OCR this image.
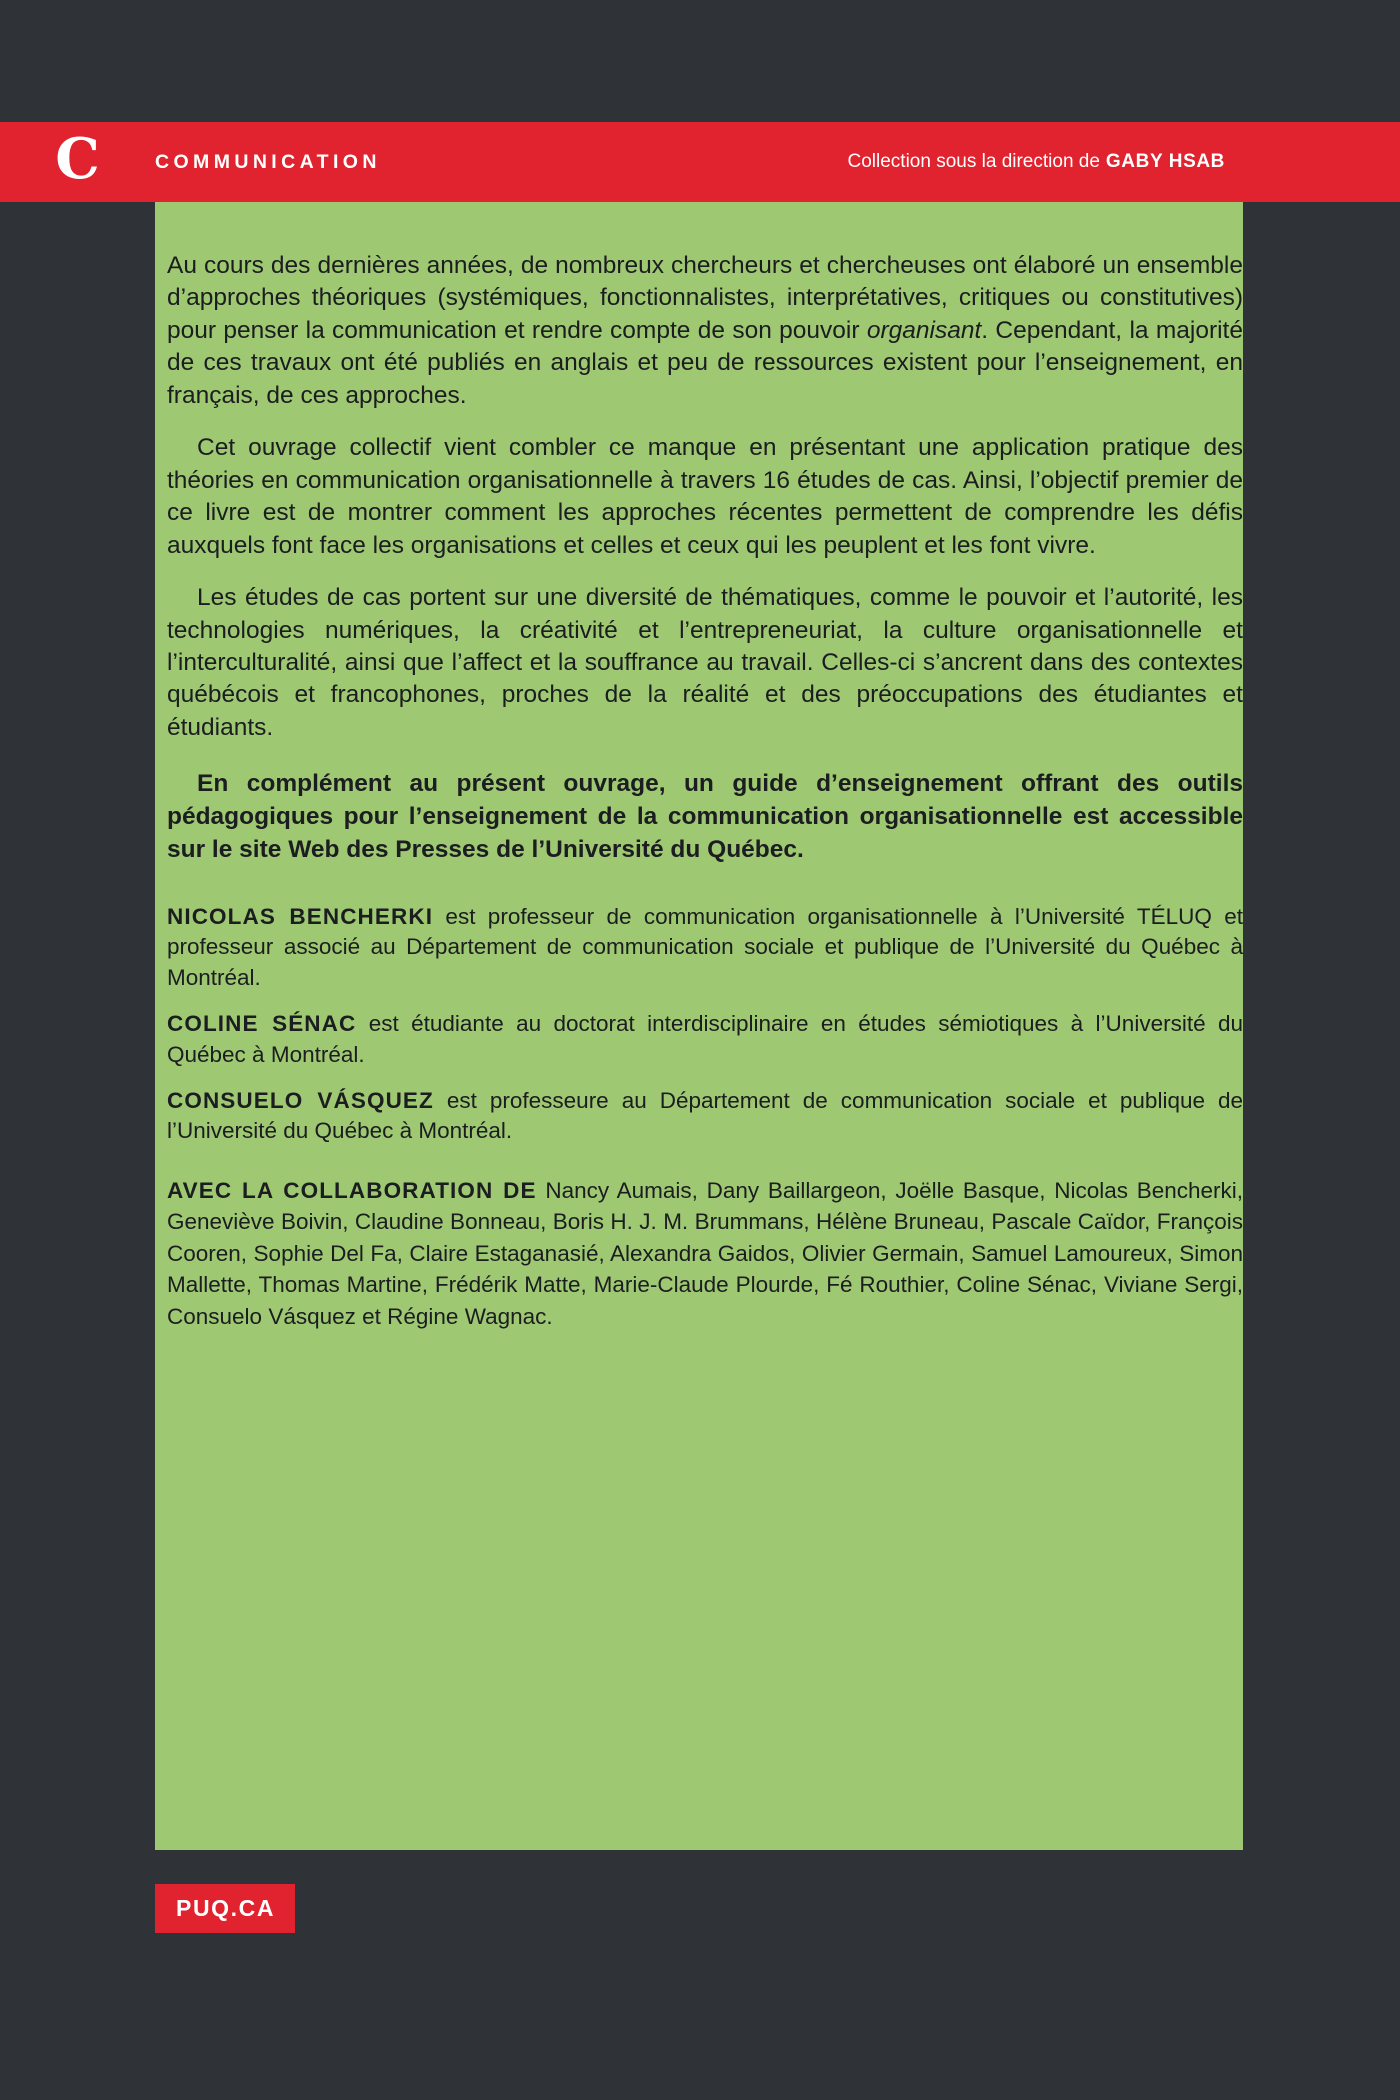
C	COMMUNICATION	Collection sous la direction de GABY HSAB

Au cours des dernières années, de nombreux chercheurs et chercheuses ont élaboré un ensemble d’approches théoriques (systémiques, fonctionnalistes, interprétatives, critiques ou constitutives) pour penser la communication et rendre compte de son pouvoir organisant. Cependant, la majorité de ces travaux ont été publiés en anglais et peu de ressources existent pour l’enseignement, en français, de ces approches.

Cet ouvrage collectif vient combler ce manque en présentant une application pratique des théories en communication organisationnelle à travers 16 études de cas. Ainsi, l’objectif premier de ce livre est de montrer comment les approches récentes permettent de comprendre les défis auxquels font face les organisations et celles et ceux qui les peuplent et les font vivre.

Les études de cas portent sur une diversité de thématiques, comme le pouvoir et l’autorité, les technologies numériques, la créativité et l’entrepreneuriat, la culture organisationnelle et l’interculturalité, ainsi que l’affect et la souffrance au travail. Celles-ci s’ancrent dans des contextes québécois et francophones, proches de la réalité et des préoccupations des étudiantes et étudiants.

En complément au présent ouvrage, un guide d’enseignement offrant des outils pédagogiques pour l’enseignement de la communication organisationnelle est accessible sur le site Web des Presses de l’Université du Québec.

NICOLAS BENCHERKI est professeur de communication organisationnelle à l’Université TÉLUQ et professeur associé au Département de communication sociale et publique de l’Université du Québec à Montréal.
COLINE SÉNAC est étudiante au doctorat interdisciplinaire en études sémiotiques à l’Université du Québec à Montréal.
CONSUELO VÁSQUEZ est professeure au Département de communication sociale et publique de l’Université du Québec à Montréal.
AVEC LA COLLABORATION DE Nancy Aumais, Dany Baillargeon, Joëlle Basque, Nicolas Bencherki, Geneviève Boivin, Claudine Bonneau, Boris H. J. M. Brummans, Hélène Bruneau, Pascale Caïdor, François Cooren, Sophie Del Fa, Claire Estaganasié, Alexandra Gaidos, Olivier Germain, Samuel Lamoureux, Simon Mallette, Thomas Martine, Frédérik Matte, Marie-Claude Plourde, Fé Routhier, Coline Sénac, Viviane Sergi, Consuelo Vásquez et Régine Wagnac.
PUQ.CA
